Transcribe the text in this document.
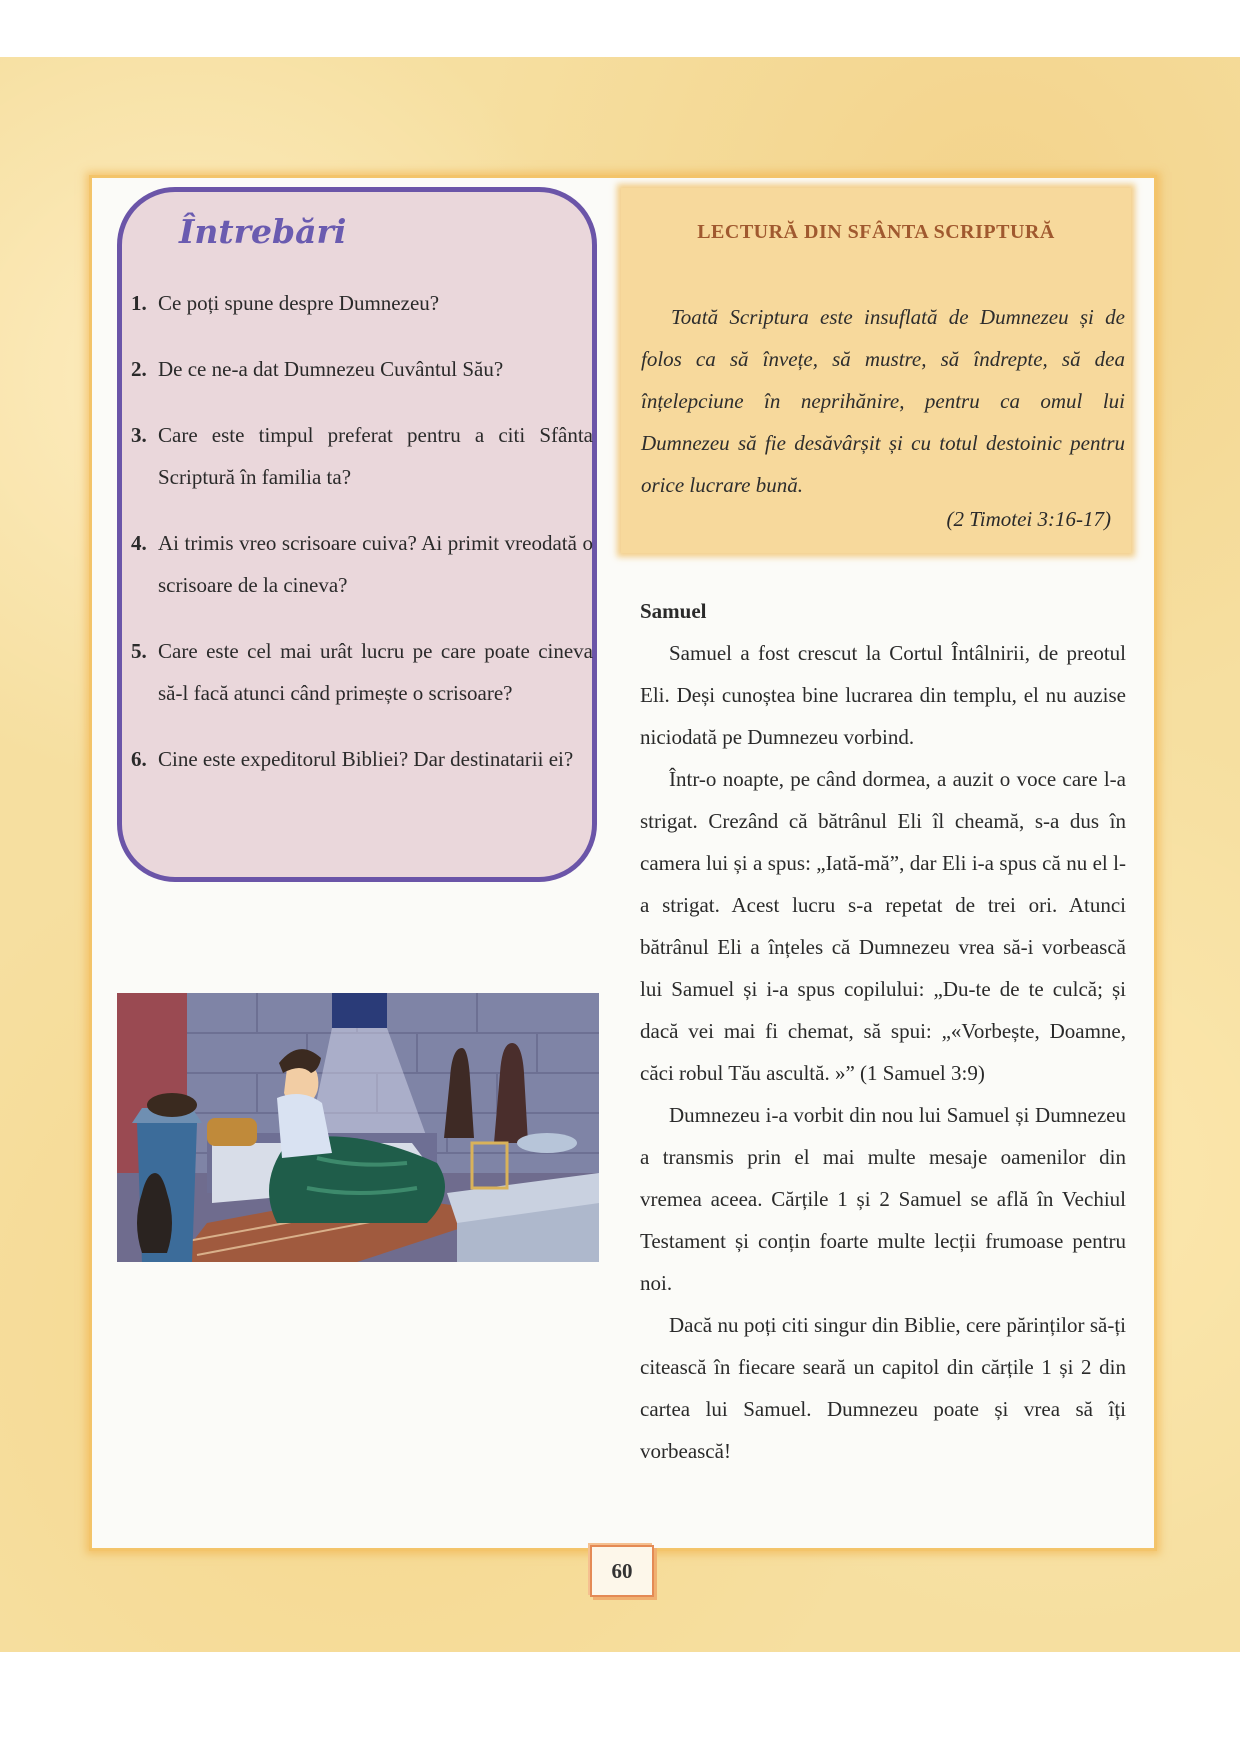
Întrebări
1. Ce poți spune despre Dumnezeu?
2. De ce ne-a dat Dumnezeu Cuvântul Său?
3. Care este timpul preferat pentru a citi Sfânta Scriptură în familia ta?
4. Ai trimis vreo scrisoare cuiva? Ai primit vreodată o scrisoare de la cineva?
5. Care este cel mai urât lucru pe care poate cineva să-l facă atunci când primește o scrisoare?
6. Cine este expeditorul Bibliei? Dar destinatarii ei?
LECTURĂ DIN SFÂNTA SCRIPTURĂ
Toată Scriptura este insuflată de Dumnezeu și de folos ca să învețe, să mustre, să îndrepte, să dea înțelepciune în neprihănire, pentru ca omul lui Dumnezeu să fie desăvârșit și cu totul destoinic pentru orice lucrare bună.
(2 Timotei 3:16-17)

Samuel

Samuel a fost crescut la Cortul Întâlnirii, de preotul Eli. Deși cunoștea bine lucrarea din templu, el nu auzise niciodată pe Dumnezeu vorbind.

Într-o noapte, pe când dormea, a auzit o voce care l-a strigat. Crezând că bătrânul Eli îl cheamă, s-a dus în camera lui și a spus: „Iată-mă”, dar Eli i-a spus că nu el l-a strigat. Acest lucru s-a repetat de trei ori. Atunci bătrânul Eli a înțeles că Dumnezeu vrea să-i vorbească lui Samuel și i-a spus copilului: „Du-te de te culcă; și dacă vei mai fi chemat, să spui: „«Vorbește, Doamne, căci robul Tău ascultă. »” (1 Samuel 3:9)

Dumnezeu i-a vorbit din nou lui Samuel și Dumnezeu a transmis prin el mai multe mesaje oamenilor din vremea aceea. Cărțile 1 și 2 Samuel se află în Vechiul Testament și conțin foarte multe lecții frumoase pentru noi.

Dacă nu poți citi singur din Biblie, cere părinților să-ți citească în fiecare seară un capitol din cărțile 1 și 2 din cartea lui Samuel. Dumnezeu poate și vrea să îți vorbească!

60
